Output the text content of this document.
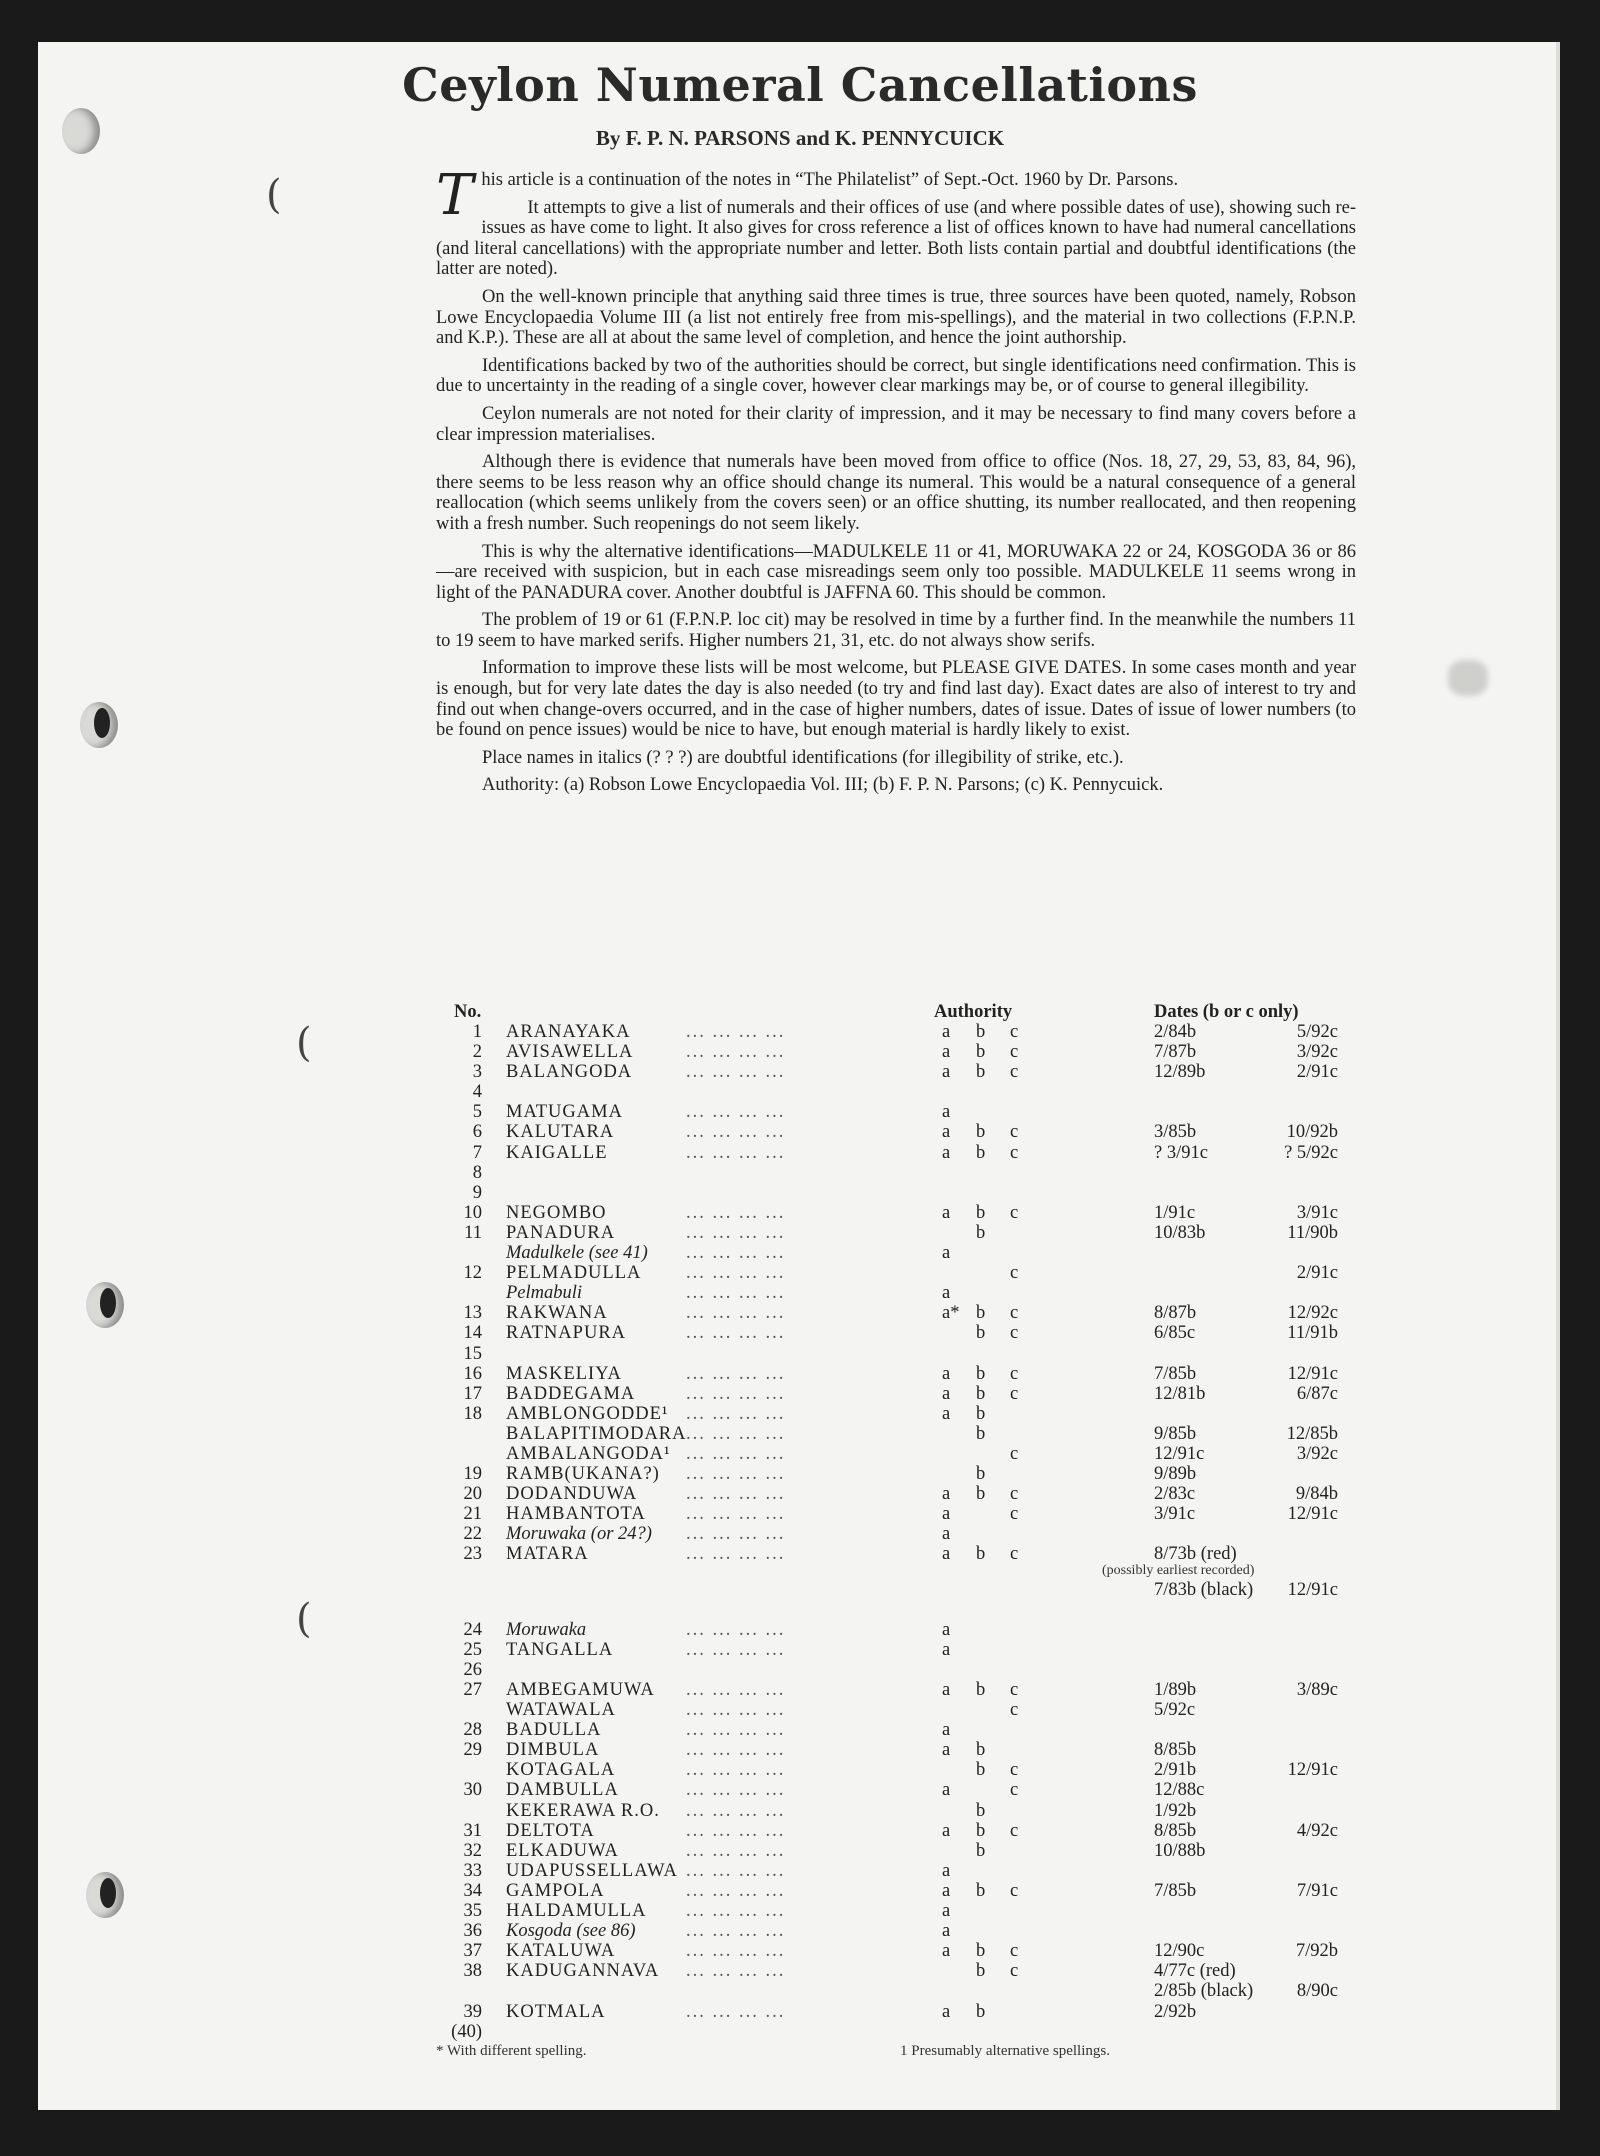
(
(
(
Ceylon Numeral Cancellations
By F. P. N. PARSONS and K. PENNYCUICK

This article is a continuation of the notes in “The Philatelist” of Sept.-Oct. 1960 by Dr. Parsons.

It attempts to give a list of numerals and their offices of use (and where possible dates of use), showing such re-issues as have come to light. It also gives for cross reference a list of offices known to have had numeral cancellations (and literal cancellations) with the appropriate number and letter. Both lists contain partial and doubtful identifications (the latter are noted).

On the well-known principle that anything said three times is true, three sources have been quoted, namely, Robson Lowe Encyclopaedia Volume III (a list not entirely free from mis-spellings), and the material in two collections (F.P.N.P. and K.P.). These are all at about the same level of completion, and hence the joint authorship.

Identifications backed by two of the authorities should be correct, but single identifications need confirmation. This is due to uncertainty in the reading of a single cover, however clear markings may be, or of course to general illegibility.

Ceylon numerals are not noted for their clarity of impression, and it may be necessary to find many covers before a clear impression materialises.

Although there is evidence that numerals have been moved from office to office (Nos. 18, 27, 29, 53, 83, 84, 96), there seems to be less reason why an office should change its numeral. This would be a natural consequence of a general reallocation (which seems unlikely from the covers seen) or an office shutting, its number reallocated, and then reopening with a fresh number. Such reopenings do not seem likely.

This is why the alternative identifications—MADULKELE 11 or 41, MORUWAKA 22 or 24, KOSGODA 36 or 86—are received with suspicion, but in each case misreadings seem only too possible. MADULKELE 11 seems wrong in light of the PANADURA cover. Another doubtful is JAFFNA 60. This should be common.

The problem of 19 or 61 (F.P.N.P. loc cit) may be resolved in time by a further find. In the meanwhile the numbers 11 to 19 seem to have marked serifs. Higher numbers 21, 31, etc. do not always show serifs.

Information to improve these lists will be most welcome, but PLEASE GIVE DATES. In some cases month and year is enough, but for very late dates the day is also needed (to try and find last day). Exact dates are also of interest to try and find out when change-overs occurred, and in the case of higher numbers, dates of issue. Dates of issue of lower numbers (to be found on pence issues) would be nice to have, but enough material is hardly likely to exist.

Place names in italics (? ? ?) are doubtful identifications (for illegibility of strike, etc.).

Authority: (a) Robson Lowe Encyclopaedia Vol. III; (b) F. P. N. Parsons; (c) K. Pennycuick.

No.	Authority	Dates (b or c only)
1 ARANAYAKA	... ... ... ...	a b c	2/84b	5/92c
2 AVISAWELLA	... ... ... ...	a b c	7/87b	3/92c
3 BALANGODA	... ... ... ...	a b c	12/89b	2/91c
4
5 MATUGAMA	... ... ... ...	a
6 KALUTARA	... ... ... ...	a b c	3/85b	10/92b
7 KAIGALLE	... ... ... ...	a b c	? 3/91c	? 5/92c
8
9
10 NEGOMBO	... ... ... ...	a b c	1/91c	3/91c
11 PANADURA	... ... ... ...	b	10/83b	11/90b
Madulkele (see 41) ... ... ... ...	a
12 PELMADULLA ... ... ... ...	c	2/91c
Pelmabuli	... ... ... ...	a
13 RAKWANA	... ... ... ...	a* b c	8/87b	12/92c
14 RATNAPURA	... ... ... ...	b c	6/85c	11/91b
15
16 MASKELIYA	... ... ... ...	a b c	7/85b	12/91c
17 BADDEGAMA	... ... ... ...	a b c	12/81b	6/87c
18 AMBLONGODDE¹ ... ... ... ...	a b
BALAPITIMODARA ... ... ... ...	b	9/85b	12/85b
AMBALANGODA¹ ... ... ... ...	c	12/91c	3/92c
19 RAMB(UKANA?) ... ... ... ...	b	9/89b
20 DODANDUWA	... ... ... ...	a b c	2/83c	9/84b
21 HAMBANTOTA ... ... ... ...	a	c	3/91c	12/91c
22 Moruwaka (or 24?) ... ... ... ...	a
23 MATARA	... ... ... ...	a b c	8/73b (red)
(possibly earliest recorded)
7/83b (black)	12/91c
24 Moruwaka	... ... ... ...	a
25 TANGALLA	... ... ... ...	a
26
27 AMBEGAMUWA ... ... ... ...	a b c	1/89b	3/89c
WATAWALA	... ... ... ...	c	5/92c
28 BADULLA	... ... ... ...	a
29 DIMBULA	... ... ... ...	a b	8/85b
KOTAGALA	... ... ... ...	b c	2/91b	12/91c
30 DAMBULLA	... ... ... ...	a	c	12/88c
KEKERAWA R.O. ... ... ... ...	b	1/92b
31 DELTOTA	... ... ... ...	a b c	8/85b	4/92c
32 ELKADUWA	... ... ... ...	b	10/88b
33 UDAPUSSELLAWA ... ... ... ...	a
34 GAMPOLA	... ... ... ...	a b c	7/85b	7/91c
35 HALDAMULLA ... ... ... ...	a
36 Kosgoda (see 86)	... ... ... ...	a
37 KATALUWA	... ... ... ...	a b c	12/90c	7/92b
38 KADUGANNAVA ... ... ... ...	b c	4/77c (red)
2/85b (black)	8/90c
39 KOTMALA	... ... ... ...	a b	2/92b
(40)
* With different spelling.	1 Presumably alternative spellings.
